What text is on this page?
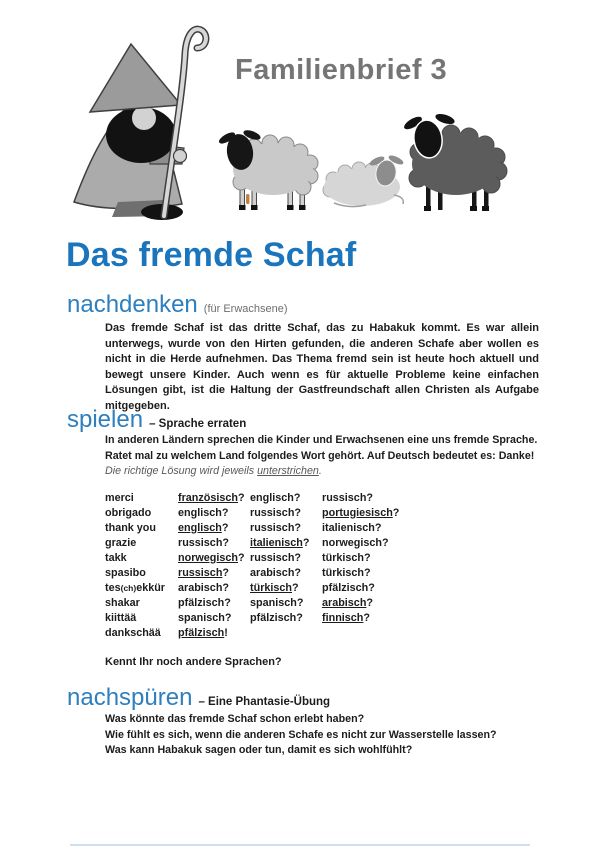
Familienbrief 3
Das fremde Schaf
nachdenken (für Erwachsene)
Das fremde Schaf ist das dritte Schaf, das zu Habakuk kommt. Es war allein unterwegs, wurde von den Hirten gefunden, die anderen Schafe aber wollen es nicht in die Herde aufnehmen. Das Thema fremd sein ist heute hoch aktuell und bewegt unsere Kinder. Auch wenn es für aktuelle Probleme keine einfachen Lösungen gibt, ist die Haltung der Gastfreundschaft allen Christen als Aufgabe mitgegeben.
spielen – Sprache erraten
In anderen Ländern sprechen die Kinder und Erwachsenen eine uns fremde Sprache.
Ratet mal zu welchem Land folgendes Wort gehört. Auf Deutsch bedeutet es: Danke!
Die richtige Lösung wird jeweils unterstrichen.
merci	französisch? englisch?	russisch?
obrigado	englisch?	russisch?	portugiesisch?
thank you	englisch?	russisch?	italienisch?
grazie	russisch?	italienisch?	norwegisch?
takk	norwegisch? russisch?	türkisch?
spasibo	russisch?	arabisch?	türkisch?
tes(ch)ekkür	arabisch?	türkisch?	pfälzisch?
shakar	pfälzisch?	spanisch?	arabisch?
kiittää	spanisch?	pfälzisch?	finnisch?
dankschää	pfälzisch!
Kennt Ihr noch andere Sprachen?
nachspüren – Eine Phantasie-Übung
Was könnte das fremde Schaf schon erlebt haben?
Wie fühlt es sich, wenn die anderen Schafe es nicht zur Wasserstelle lassen?
Was kann Habakuk sagen oder tun, damit es sich wohlfühlt?
